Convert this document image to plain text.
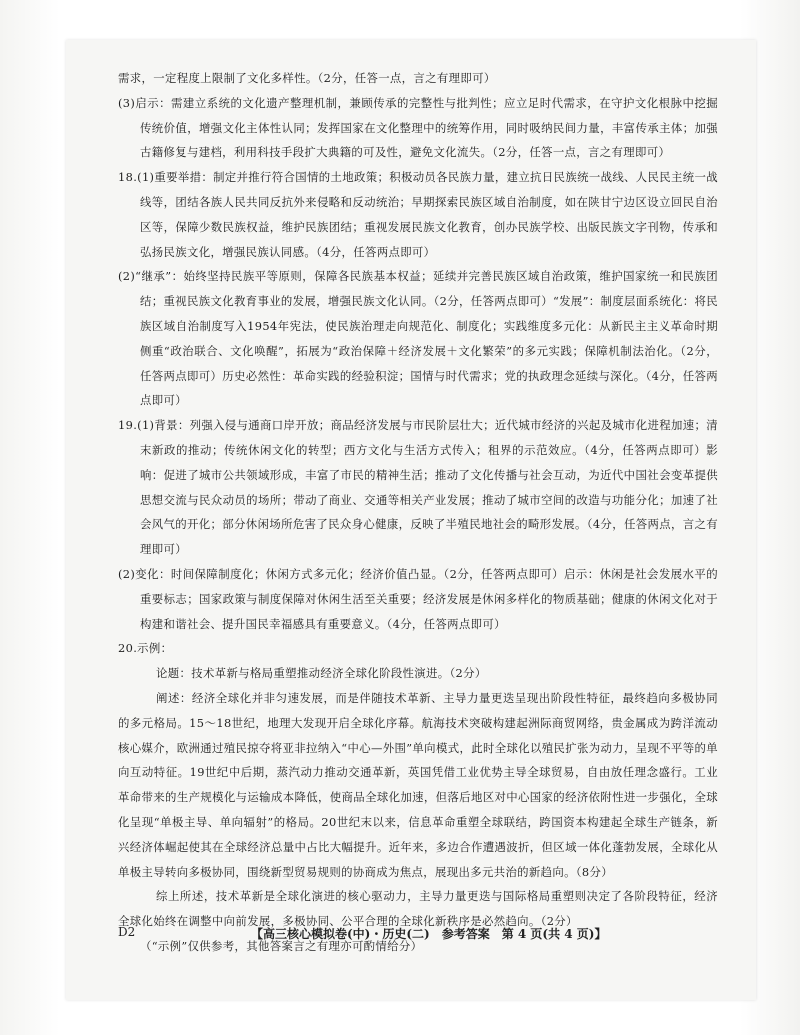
需求，一定程度上限制了文化多样性。（2分，任答一点，言之有理即可）

(3)启示：需建立系统的文化遗产整理机制，兼顾传承的完整性与批判性；应立足时代需求，在守护文化根脉中挖掘传统价值，增强文化主体性认同；发挥国家在文化整理中的统筹作用，同时吸纳民间力量，丰富传承主体；加强古籍修复与建档，利用科技手段扩大典籍的可及性，避免文化流失。（2分，任答一点，言之有理即可）

18.(1)重要举措：制定并推行符合国情的土地政策；积极动员各民族力量，建立抗日民族统一战线、人民民主统一战线等，团结各族人民共同反抗外来侵略和反动统治；早期探索民族区域自治制度，如在陕甘宁边区设立回民自治区等，保障少数民族权益，维护民族团结；重视发展民族文化教育，创办民族学校、出版民族文字刊物，传承和弘扬民族文化，增强民族认同感。（4分，任答两点即可）

(2)“继承”：始终坚持民族平等原则，保障各民族基本权益；延续并完善民族区域自治政策，维护国家统一和民族团结；重视民族文化教育事业的发展，增强民族文化认同。（2分，任答两点即可）“发展”：制度层面系统化：将民族区域自治制度写入1954年宪法，使民族治理走向规范化、制度化；实践维度多元化：从新民主主义革命时期侧重“政治联合、文化唤醒”，拓展为“政治保障＋经济发展＋文化繁荣”的多元实践；保障机制法治化。（2分，任答两点即可）历史必然性：革命实践的经验积淀；国情与时代需求；党的执政理念延续与深化。（4分，任答两点即可）

19.(1)背景：列强入侵与通商口岸开放；商品经济发展与市民阶层壮大；近代城市经济的兴起及城市化进程加速；清末新政的推动；传统休闲文化的转型；西方文化与生活方式传入；租界的示范效应。（4分，任答两点即可）影响：促进了城市公共领域形成，丰富了市民的精神生活；推动了文化传播与社会互动，为近代中国社会变革提供思想交流与民众动员的场所；带动了商业、交通等相关产业发展；推动了城市空间的改造与功能分化；加速了社会风气的开化；部分休闲场所危害了民众身心健康，反映了半殖民地社会的畸形发展。（4分，任答两点，言之有理即可）

(2)变化：时间保障制度化；休闲方式多元化；经济价值凸显。（2分，任答两点即可）启示：休闲是社会发展水平的重要标志；国家政策与制度保障对休闲生活至关重要；经济发展是休闲多样化的物质基础；健康的休闲文化对于构建和谐社会、提升国民幸福感具有重要意义。（4分，任答两点即可）

20.示例：

论题：技术革新与格局重塑推动经济全球化阶段性演进。（2分）

阐述：经济全球化并非匀速发展，而是伴随技术革新、主导力量更迭呈现出阶段性特征，最终趋向多极协同的多元格局。15～18世纪，地理大发现开启全球化序幕。航海技术突破构建起洲际商贸网络，贵金属成为跨洋流动核心媒介，欧洲通过殖民掠夺将亚非拉纳入“中心—外围”单向模式，此时全球化以殖民扩张为动力，呈现不平等的单向互动特征。19世纪中后期，蒸汽动力推动交通革新，英国凭借工业优势主导全球贸易，自由放任理念盛行。工业革命带来的生产规模化与运输成本降低，使商品全球化加速，但落后地区对中心国家的经济依附性进一步强化，全球化呈现“单极主导、单向辐射”的格局。20世纪末以来，信息革命重塑全球联结，跨国资本构建起全球生产链条，新兴经济体崛起使其在全球经济总量中占比大幅提升。近年来，多边合作遭遇波折，但区域一体化蓬勃发展，全球化从单极主导转向多极协同，围绕新型贸易规则的协商成为焦点，展现出多元共治的新趋向。（8分）

综上所述，技术革新是全球化演进的核心驱动力，主导力量更迭与国际格局重塑则决定了各阶段特征，经济全球化始终在调整中向前发展，多极协同、公平合理的全球化新秩序是必然趋向。（2分）

（“示例”仅供参考，其他答案言之有理亦可酌情给分）

D2	【高三核心模拟卷(中)・历史(二)　参考答案　第 4 页(共 4 页)】
